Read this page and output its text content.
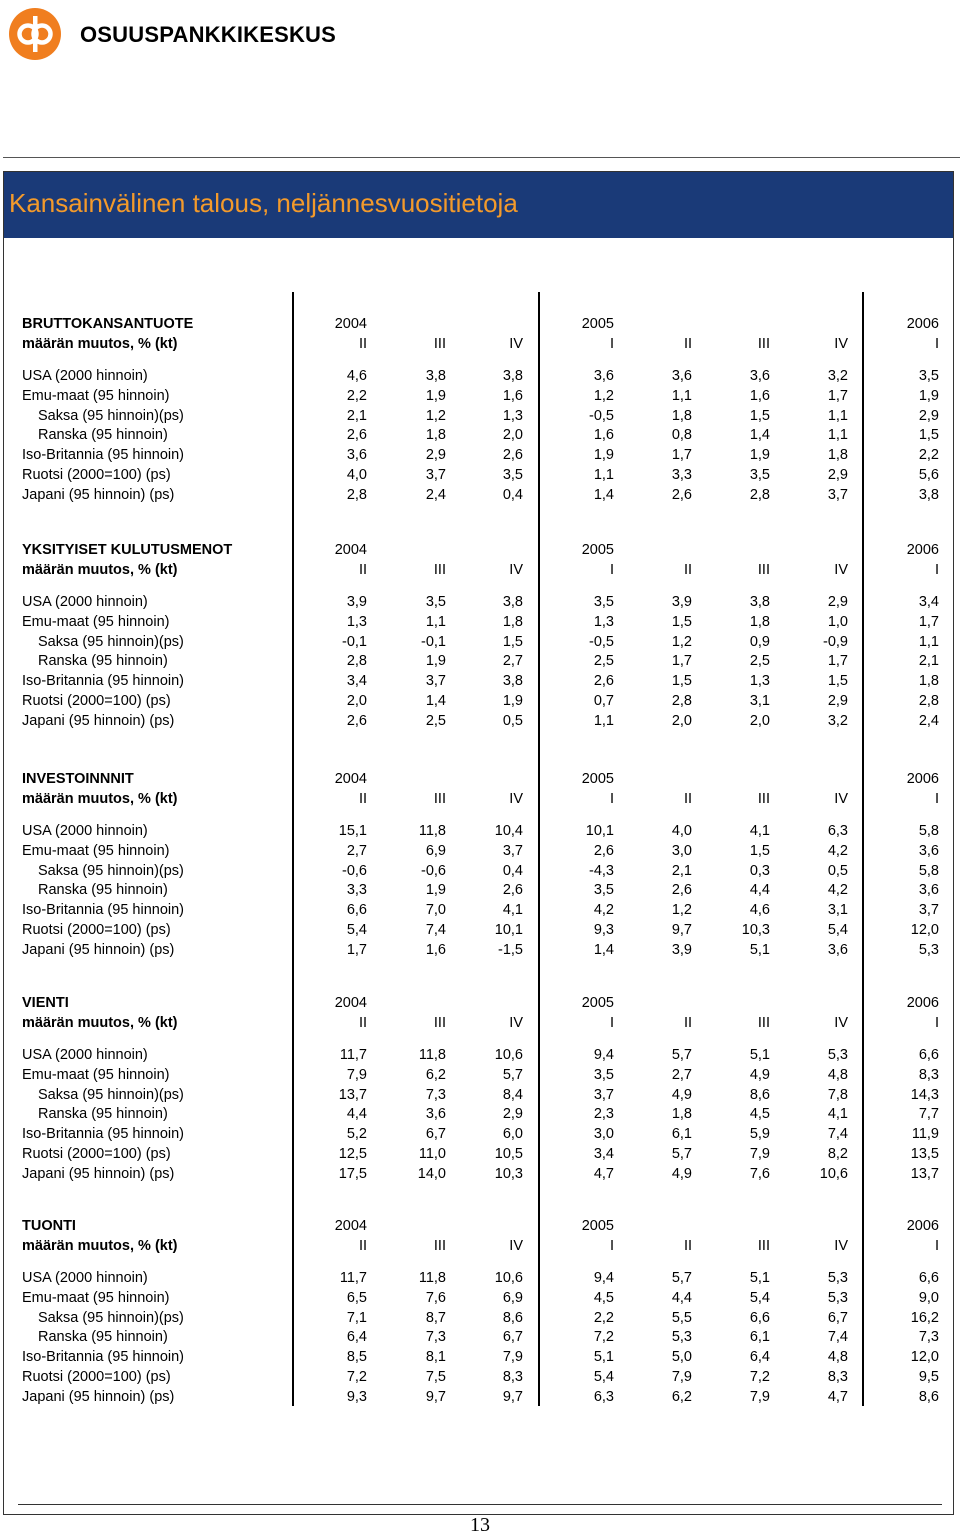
OSUUSPANKKIKESKUS
Kansainvälinen talous, neljännesvuositietoja
BRUTTOKANSANTUOTE	2004	2005	2006
määrän muutos, % (kt)	II	III	IV	I	II	III	IV	I
USA (2000 hinnoin)	4,6	3,8	3,8	3,6	3,6	3,6	3,2	3,5
Emu-maat (95 hinnoin)	2,2	1,9	1,6	1,2	1,1	1,6	1,7	1,9
Saksa (95 hinnoin)(ps)	2,1	1,2	1,3	-0,5	1,8	1,5	1,1	2,9
Ranska (95 hinnoin)	2,6	1,8	2,0	1,6	0,8	1,4	1,1	1,5
Iso-Britannia (95 hinnoin)	3,6	2,9	2,6	1,9	1,7	1,9	1,8	2,2
Ruotsi (2000=100) (ps)	4,0	3,7	3,5	1,1	3,3	3,5	2,9	5,6
Japani (95 hinnoin) (ps)	2,8	2,4	0,4	1,4	2,6	2,8	3,7	3,8
YKSITYISET KULUTUSMENOT	2004	2005	2006
määrän muutos, % (kt)	II	III	IV	I	II	III	IV	I
USA (2000 hinnoin)	3,9	3,5	3,8	3,5	3,9	3,8	2,9	3,4
Emu-maat (95 hinnoin)	1,3	1,1	1,8	1,3	1,5	1,8	1,0	1,7
Saksa (95 hinnoin)(ps)	-0,1	-0,1	1,5	-0,5	1,2	0,9	-0,9	1,1
Ranska (95 hinnoin)	2,8	1,9	2,7	2,5	1,7	2,5	1,7	2,1
Iso-Britannia (95 hinnoin)	3,4	3,7	3,8	2,6	1,5	1,3	1,5	1,8
Ruotsi (2000=100) (ps)	2,0	1,4	1,9	0,7	2,8	3,1	2,9	2,8
Japani (95 hinnoin) (ps)	2,6	2,5	0,5	1,1	2,0	2,0	3,2	2,4
INVESTOINNNIT	2004	2005	2006
määrän muutos, % (kt)	II	III	IV	I	II	III	IV	I
USA (2000 hinnoin)	15,1	11,8	10,4	10,1	4,0	4,1	6,3	5,8
Emu-maat (95 hinnoin)	2,7	6,9	3,7	2,6	3,0	1,5	4,2	3,6
Saksa (95 hinnoin)(ps)	-0,6	-0,6	0,4	-4,3	2,1	0,3	0,5	5,8
Ranska (95 hinnoin)	3,3	1,9	2,6	3,5	2,6	4,4	4,2	3,6
Iso-Britannia (95 hinnoin)	6,6	7,0	4,1	4,2	1,2	4,6	3,1	3,7
Ruotsi (2000=100) (ps)	5,4	7,4	10,1	9,3	9,7	10,3	5,4	12,0
Japani (95 hinnoin) (ps)	1,7	1,6	-1,5	1,4	3,9	5,1	3,6	5,3
VIENTI	2004	2005	2006
määrän muutos, % (kt)	II	III	IV	I	II	III	IV	I
USA (2000 hinnoin)	11,7	11,8	10,6	9,4	5,7	5,1	5,3	6,6
Emu-maat (95 hinnoin)	7,9	6,2	5,7	3,5	2,7	4,9	4,8	8,3
Saksa (95 hinnoin)(ps)	13,7	7,3	8,4	3,7	4,9	8,6	7,8	14,3
Ranska (95 hinnoin)	4,4	3,6	2,9	2,3	1,8	4,5	4,1	7,7
Iso-Britannia (95 hinnoin)	5,2	6,7	6,0	3,0	6,1	5,9	7,4	11,9
Ruotsi (2000=100) (ps)	12,5	11,0	10,5	3,4	5,7	7,9	8,2	13,5
Japani (95 hinnoin) (ps)	17,5	14,0	10,3	4,7	4,9	7,6	10,6	13,7
TUONTI	2004	2005	2006
määrän muutos, % (kt)	II	III	IV	I	II	III	IV	I
USA (2000 hinnoin)	11,7	11,8	10,6	9,4	5,7	5,1	5,3	6,6
Emu-maat (95 hinnoin)	6,5	7,6	6,9	4,5	4,4	5,4	5,3	9,0
Saksa (95 hinnoin)(ps)	7,1	8,7	8,6	2,2	5,5	6,6	6,7	16,2
Ranska (95 hinnoin)	6,4	7,3	6,7	7,2	5,3	6,1	7,4	7,3
Iso-Britannia (95 hinnoin)	8,5	8,1	7,9	5,1	5,0	6,4	4,8	12,0
Ruotsi (2000=100) (ps)	7,2	7,5	8,3	5,4	7,9	7,2	8,3	9,5
Japani (95 hinnoin) (ps)	9,3	9,7	9,7	6,3	6,2	7,9	4,7	8,6
13
